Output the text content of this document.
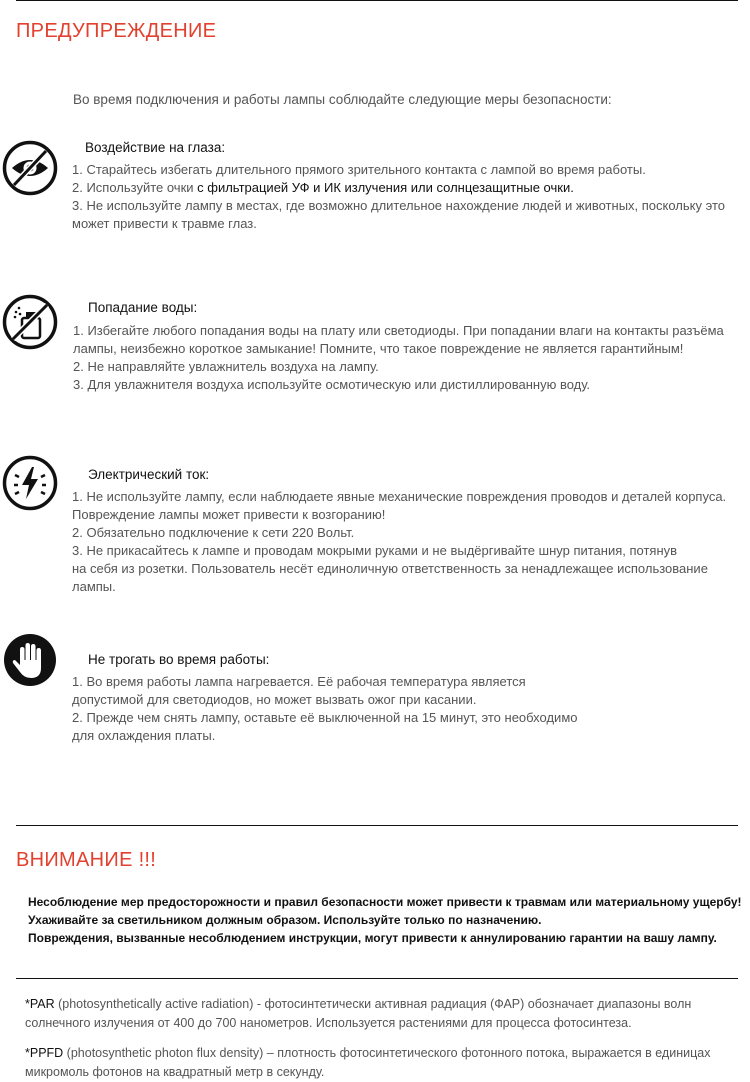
ПРЕДУПРЕЖДЕНИЕ
Во время подключения и работы лампы соблюдайте следующие меры безопасности:
Воздействие на глаза:
1. Старайтесь избегать длительного прямого зрительного контакта с лампой во время работы.
2. Используйте очки с фильтрацией УФ и ИК излучения или солнцезащитные очки.
3. Не используйте лампу в местах, где возможно длительное нахождение людей и животных, поскольку это
может привести к травме глаз.
Попадание воды:
1. Избегайте любого попадания воды на плату или светодиоды. При попадании влаги на контакты разъёма
лампы, неизбежно короткое замыкание! Помните, что такое повреждение не является гарантийным!
2. Не направляйте увлажнитель воздуха на лампу.
3. Для увлажнителя воздуха используйте осмотическую или дистиллированную воду.
Электрический ток:
1. Не используйте лампу, если наблюдаете явные механические повреждения проводов и деталей корпуса.
Повреждение лампы может привести к возгоранию!
2. Обязательно подключение к сети 220 Вольт.
3. Не прикасайтесь к лампе и проводам мокрыми руками и не выдёргивайте шнур питания, потянув
на себя из розетки. Пользователь несёт единоличную ответственность за ненадлежащее использование
лампы.
Не трогать во время работы:
1. Во время работы лампа нагревается. Её рабочая температура является
допустимой для светодиодов, но может вызвать ожог при касании.
2. Прежде чем снять лампу, оставьте её выключенной на 15 минут, это необходимо
для охлаждения платы.
ВНИМАНИЕ !!!
Несоблюдение мер предосторожности и правил безопасности может привести к травмам или материальному ущербу!
Ухаживайте за светильником должным образом. Используйте только по назначению.
Повреждения, вызванные несоблюдением инструкции, могут привести к аннулированию гарантии на вашу лампу.
*PAR (photosynthetically active radiation) - фотосинтетически активная радиация (ФАР) обозначает диапазоны волн
солнечного излучения от 400 до 700 нанометров. Используется растениями для процесса фотосинтеза.
*PPFD (photosynthetic photon flux density) – плотность фотосинтетического фотонного потока, выражается в единицах
микромоль фотонов на квадратный метр в секунду.
